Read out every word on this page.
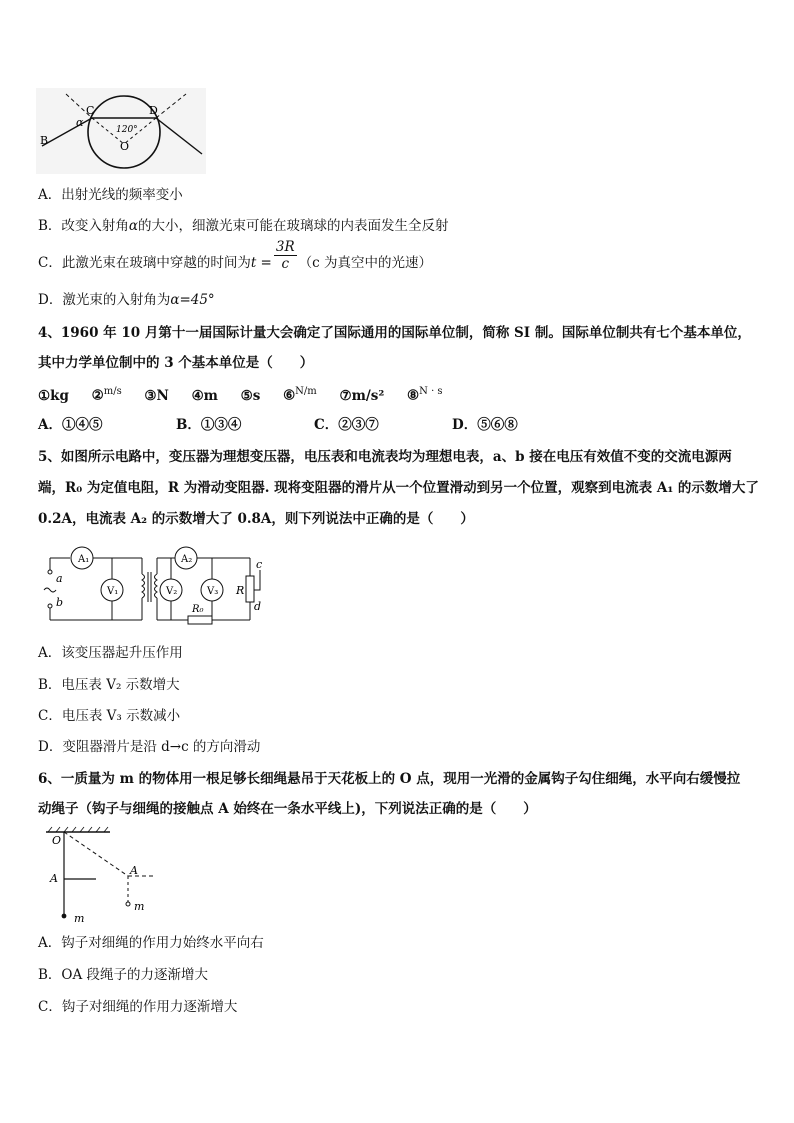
B
C	D
O
α
120°
A．出射光线的频率变小
B．改变入射角α的大小，细激光束可能在玻璃球的内表面发生全反射
C．此激光束在玻璃中穿越的时间为$t = \frac{3R}{c} (c$ 为真空中的光速）
D．激光束的入射角为α=45°
4、1960 年 10 月第十一届国际计量大会确定了国际通用的国际单位制，简称 SI 制。国际单位制共有七个基本单位，
其中力学单位制中的 3 个基本单位是（　　）
①kg ②$^{m/s}$ ③N ④m ⑤s ⑥$^{N/m}$ ⑦m/s² ⑧$^{N \cdot s}$
A．①④⑤	B．①③④	C．②③⑦	D．⑤⑥⑧
5、如图所示电路中，变压器为理想变压器，电压表和电流表均为理想电表，a、b 接在电压有效值不变的交流电源两
端，R₀ 为定值电阻，R 为滑动变阻器. 现将变阻器的滑片从一个位置滑动到另一个位置，观察到电流表 A₁ 的示数增大了
0.2A，电流表 A₂ 的示数增大了 0.8A，则下列说法中正确的是（　　）
A₁
V₁
A₂
V₂	V₃ R
R₀
a
b
c
d
A．该变压器起升压作用
B．电压表 V₂ 示数增大
C．电压表 V₃ 示数减小
D．变阻器滑片是沿 d→c 的方向滑动
6、一质量为 m 的物体用一根足够长细绳悬吊于天花板上的 O 点，现用一光滑的金属钩子勾住细绳，水平向右缓慢拉
动绳子（钩子与细绳的接触点 A 始终在一条水平线上)，下列说法正确的是（　　）
O
A
A
m
m
A．钩子对细绳的作用力始终水平向右
B．OA 段绳子的力逐渐增大
C．钩子对细绳的作用力逐渐增大
